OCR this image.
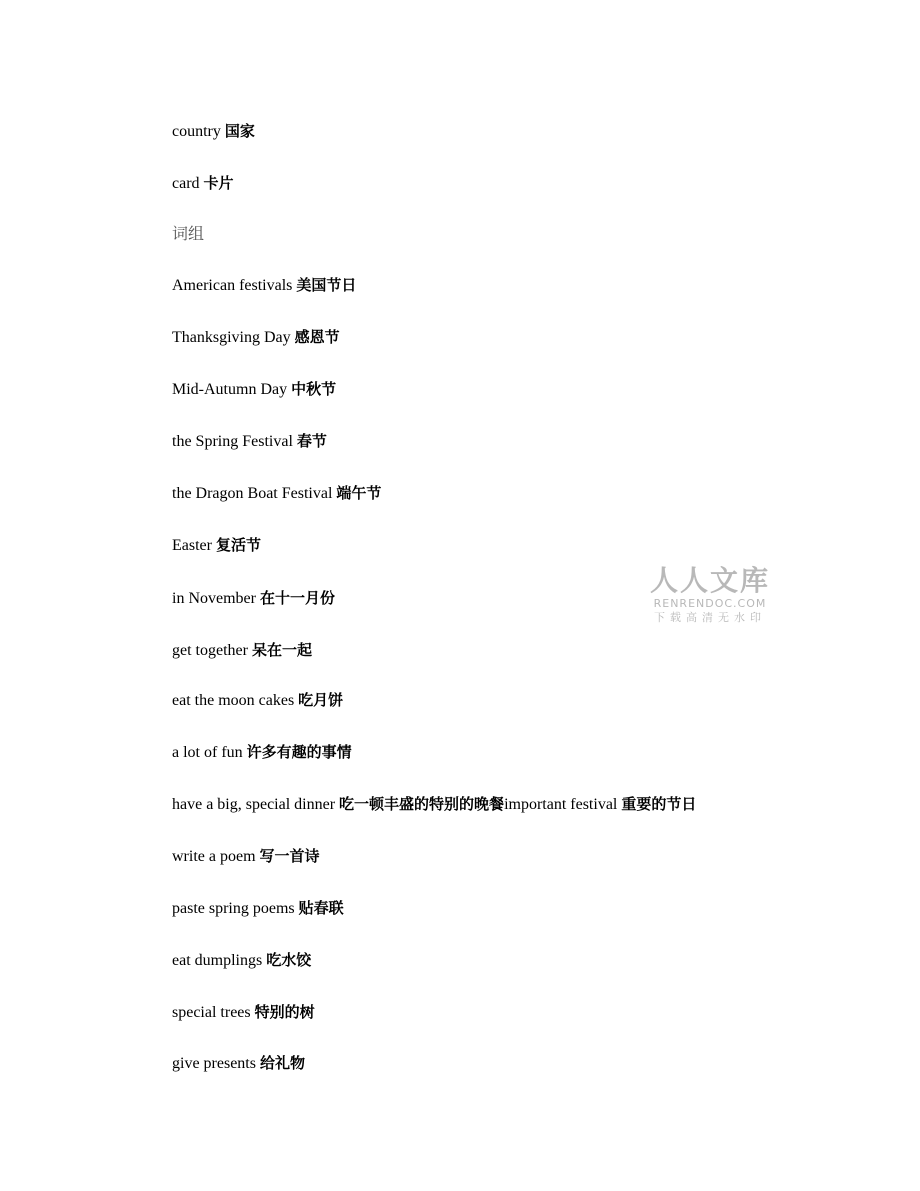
country 国家
card 卡片
词组
American festivals 美国节日
Thanksgiving Day 感恩节
Mid-Autumn Day 中秋节
the Spring Festival 春节
the Dragon Boat Festival 端午节
Easter 复活节
in November 在十一月份
get together 呆在一起
eat the moon cakes 吃月饼
a lot of fun 许多有趣的事情
have a big, special dinner 吃一顿丰盛的特别的晚餐important festival 重要的节日
write a poem 写一首诗
paste spring poems 贴春联
eat dumplings 吃水饺
special trees 特别的树
give presents 给礼物
人人文库
RENRENDOC.COM
下载高清无水印
